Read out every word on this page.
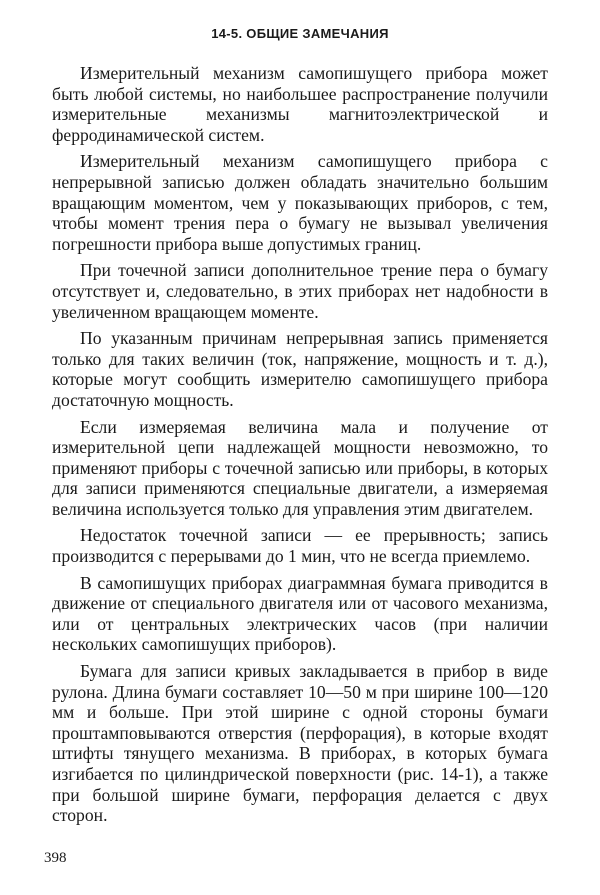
14-5. ОБЩИЕ ЗАМЕЧАНИЯ

Измерительный механизм самопишущего прибора может быть любой системы, но наибольшее распространение получили измерительные механизмы магнитоэлектрической и ферродинамической систем.

Измерительный механизм самопишущего прибора с непрерывной записью должен обладать значительно большим вращающим моментом, чем у показывающих приборов, с тем, чтобы момент трения пера о бумагу не вызывал увеличения погрешности прибора выше допустимых границ.

При точечной записи дополнительное трение пера о бумагу отсутствует и, следовательно, в этих приборах нет надобности в увеличенном вращающем моменте.

По указанным причинам непрерывная запись применяется только для таких величин (ток, напряжение, мощность и т. д.), которые могут сообщить измерителю самопишущего прибора достаточную мощность.

Если измеряемая величина мала и получение от измерительной цепи надлежащей мощности невозможно, то применяют приборы с точечной записью или приборы, в которых для записи применяются специальные двигатели, а измеряемая величина используется только для управления этим двигателем.

Недостаток точечной записи — ее прерывность; запись производится с перерывами до 1 мин, что не всегда приемлемо.

В самопишущих приборах диаграммная бумага приводится в движение от специального двигателя или от часового механизма, или от центральных электрических часов (при наличии нескольких самопишущих приборов).

Бумага для записи кривых закладывается в прибор в виде рулона. Длина бумаги составляет 10—50 м при ширине 100—120 мм и больше. При этой ширине с одной стороны бумаги проштамповываются отверстия (перфорация), в которые входят штифты тянущего механизма. В приборах, в которых бумага изгибается по цилиндрической поверхности (рис. 14-1), а также при большой ширине бумаги, перфорация делается с двух сторон.

398
